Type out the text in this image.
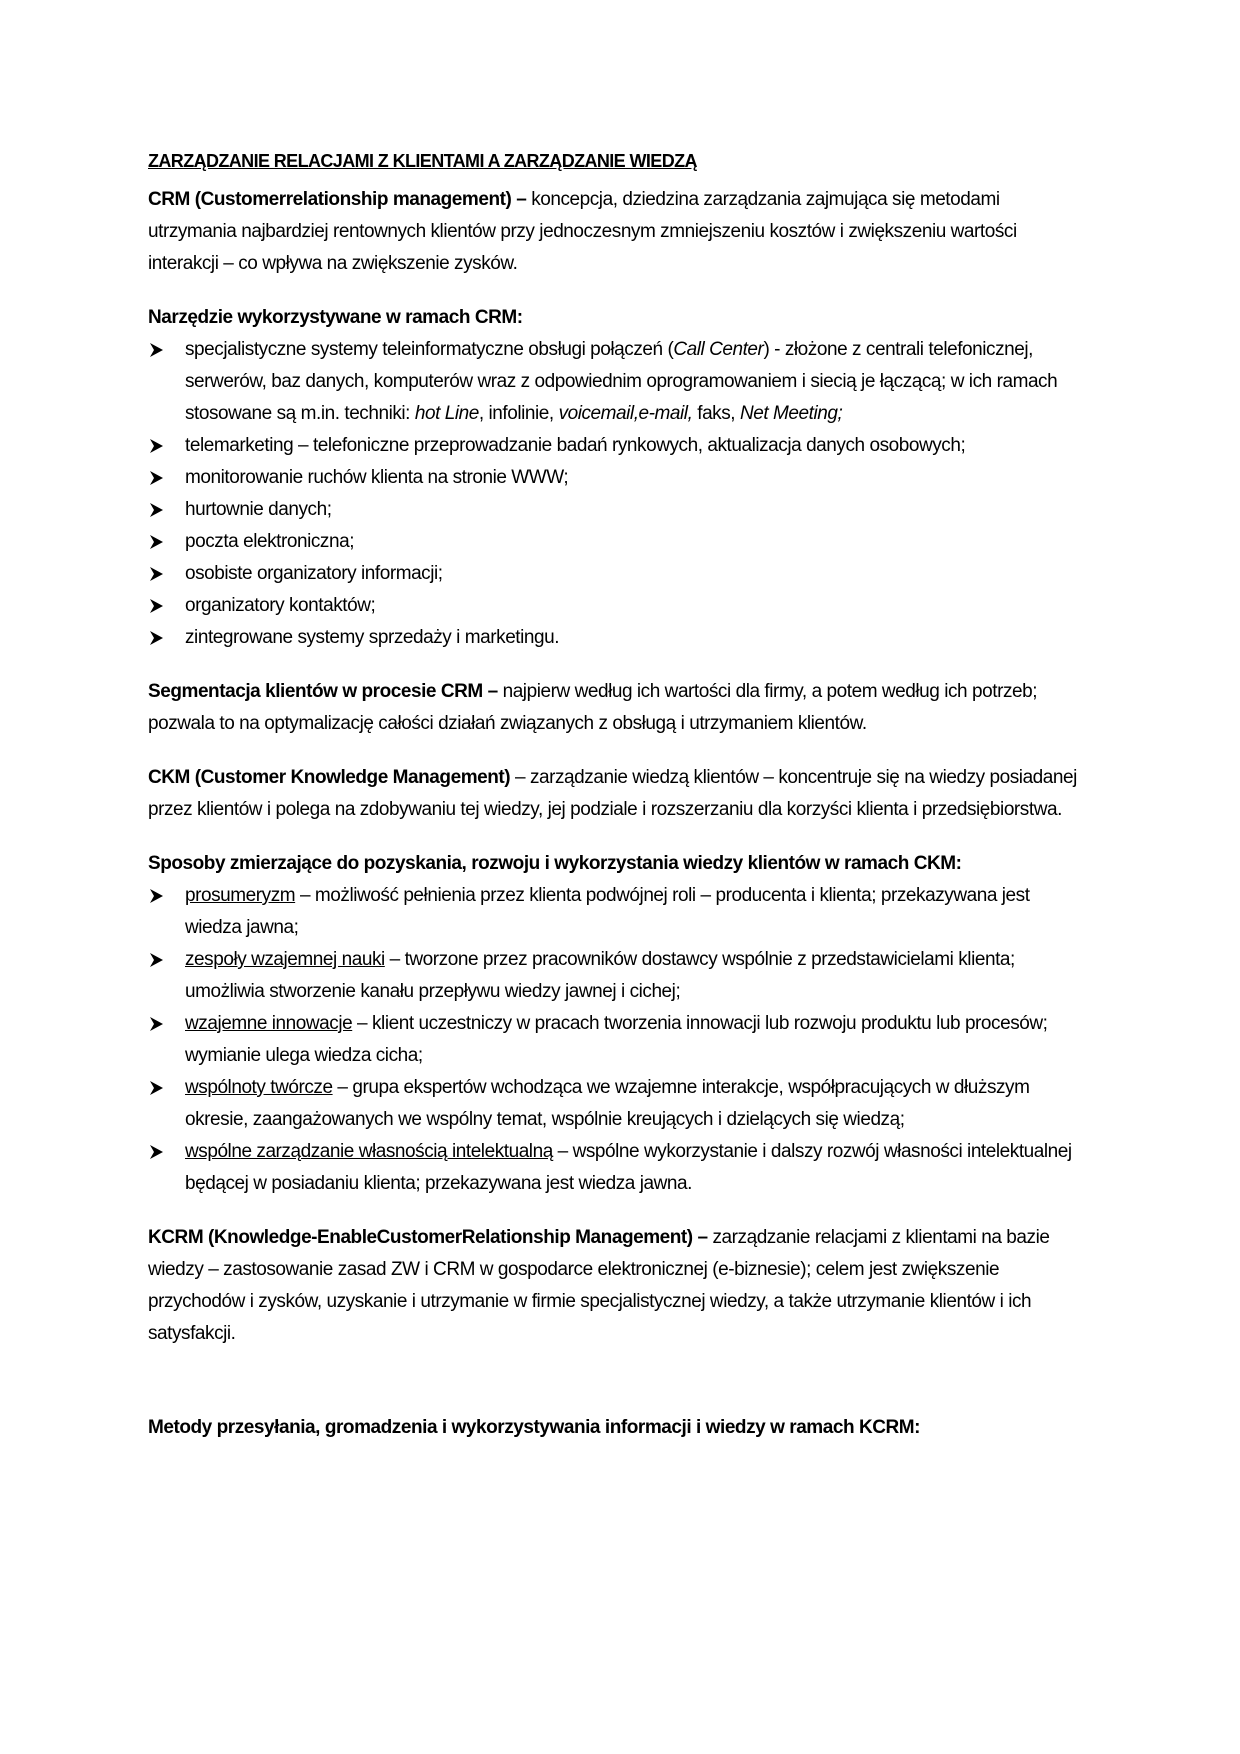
ZARZĄDZANIE RELACJAMI Z KLIENTAMI A ZARZĄDZANIE WIEDZĄ

CRM (Customerrelationship management) – koncepcja, dziedzina zarządzania zajmująca się metodami utrzymania najbardziej rentownych klientów przy jednoczesnym zmniejszeniu kosztów i zwiększeniu wartości interakcji – co wpływa na zwiększenie zysków.

Narzędzie wykorzystywane w ramach CRM:
specjalistyczne systemy teleinformatyczne obsługi połączeń (Call Center) - złożone z centrali telefonicznej, serwerów, baz danych, komputerów wraz z odpowiednim oprogramowaniem i siecią je łączącą; w ich ramach stosowane są m.in. techniki: hot Line, infolinie, voicemail,e-mail, faks, Net Meeting;
telemarketing – telefoniczne przeprowadzanie badań rynkowych, aktualizacja danych osobowych;
monitorowanie ruchów klienta na stronie WWW;
hurtownie danych;
poczta elektroniczna;
osobiste organizatory informacji;
organizatory kontaktów;
zintegrowane systemy sprzedaży i marketingu.

Segmentacja klientów w procesie CRM – najpierw według ich wartości dla firmy, a potem według ich potrzeb; pozwala to na optymalizację całości działań związanych z obsługą i utrzymaniem klientów.

CKM (Customer Knowledge Management) – zarządzanie wiedzą klientów – koncentruje się na wiedzy posiadanej przez klientów i polega na zdobywaniu tej wiedzy, jej podziale i rozszerzaniu dla korzyści klienta i przedsiębiorstwa.

Sposoby zmierzające do pozyskania, rozwoju i wykorzystania wiedzy klientów w ramach CKM:
prosumeryzm – możliwość pełnienia przez klienta podwójnej roli – producenta i klienta; przekazywana jest wiedza jawna;
zespoły wzajemnej nauki – tworzone przez pracowników dostawcy wspólnie z przedstawicielami klienta; umożliwia stworzenie kanału przepływu wiedzy jawnej i cichej;
wzajemne innowacje – klient uczestniczy w pracach tworzenia innowacji lub rozwoju produktu lub procesów; wymianie ulega wiedza cicha;
wspólnoty twórcze – grupa ekspertów wchodząca we wzajemne interakcje, współpracujących w dłuższym okresie, zaangażowanych we wspólny temat, wspólnie kreujących i dzielących się wiedzą;
wspólne zarządzanie własnością intelektualną – wspólne wykorzystanie i dalszy rozwój własności intelektualnej będącej w posiadaniu klienta; przekazywana jest wiedza jawna.

KCRM (Knowledge-EnableCustomerRelationship Management) – zarządzanie relacjami z klientami na bazie wiedzy – zastosowanie zasad ZW i CRM w gospodarce elektronicznej (e-biznesie); celem jest zwiększenie przychodów i zysków, uzyskanie i utrzymanie w firmie specjalistycznej wiedzy, a także utrzymanie klientów i ich satysfakcji.

Metody przesyłania, gromadzenia i wykorzystywania informacji i wiedzy w ramach KCRM:
